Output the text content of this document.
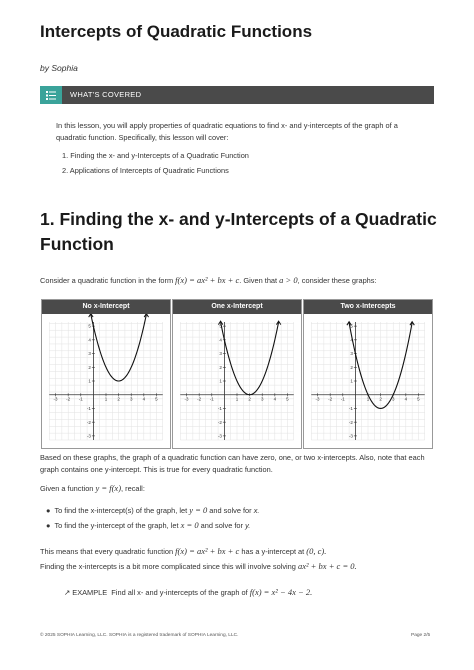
Intercepts of Quadratic Functions
by Sophia
WHAT'S COVERED
In this lesson, you will apply properties of quadratic equations to find x- and y-intercepts of the graph of a quadratic function. Specifically, this lesson will cover:
1. Finding the x- and y-Intercepts of a Quadratic Function
2. Applications of Intercepts of Quadratic Functions
1. Finding the x- and y-Intercepts of a Quadratic Function
Consider a quadratic function in the form f(x) = ax² + bx + c. Given that a > 0, consider these graphs:
No x-Intercept
-3 -2 -1	1 2 3 4 5
-3
-2
-1
1
2
3
4
5
One x-Intercept
-3 -2 -1	1 2 3 4 5
-3
-2
-1
1
2
3
4
5
Two x-Intercepts
-3 -2 -1	1 2 3 4 5
-3
-2
-1
1
2
3
4
5
Based on these graphs, the graph of a quadratic function can have zero, one, or two x-intercepts. Also, note that each graph contains one y-intercept. This is true for every quadratic function.
Given a function y = f(x), recall:
● To find the x-intercept(s) of the graph, let y = 0 and solve for x.
● To find the y-intercept of the graph, let x = 0 and solve for y.
This means that every quadratic function f(x) = ax² + bx + c has a y-intercept at (0, c).
Finding the x-intercepts is a bit more complicated since this will involve solving ax² + bx + c = 0.
↗ EXAMPLE Find all x- and y-intercepts of the graph of f(x) = x² − 4x − 2.
© 2025 SOPHIA Learning, LLC. SOPHIA is a registered trademark of SOPHIA Learning, LLC.	Page 2/5
